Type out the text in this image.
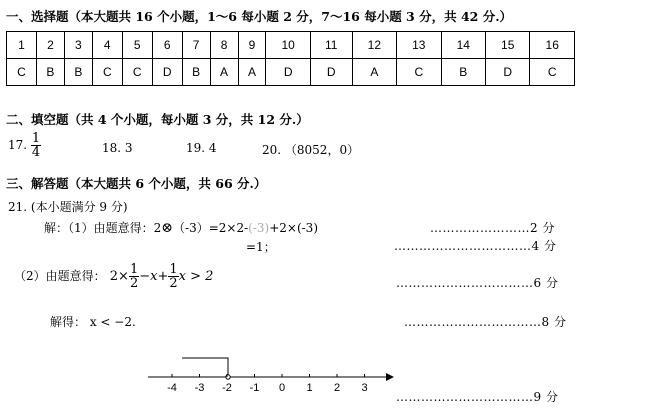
一、选择题（本大题共 16 个小题，1～6 每小题 2 分，7～16 每小题 3 分，共 42 分.）
1	2	3	4	5	6	7	8	9	10	11	12	13	14	15	16
C	B	B	C	C	D	B	A	A	D	D	A	C	B	D	C
二、填空题（共 4 个小题，每小题 3 分，共 12 分.）
17. $\frac{1}{4}$	18. 3	19. 4	20. （8052，0）
三、解答题（本大题共 6 个小题，共 66 分.）
21. (本小题满分 9 分)
解：（1）由题意得：2⊗（-3）=2×2-(-3)+2×(-3)
=1；
……………………2 分
……………………………4 分
（2）由题意得： $2\times \frac{1}{2} -x+ \frac{1}{2}$ x > 2	……………………………6 分
解得： x < −2.	……………………………8 分
-4 -3 -2 -1 0 1 2 3
……………………………9 分
